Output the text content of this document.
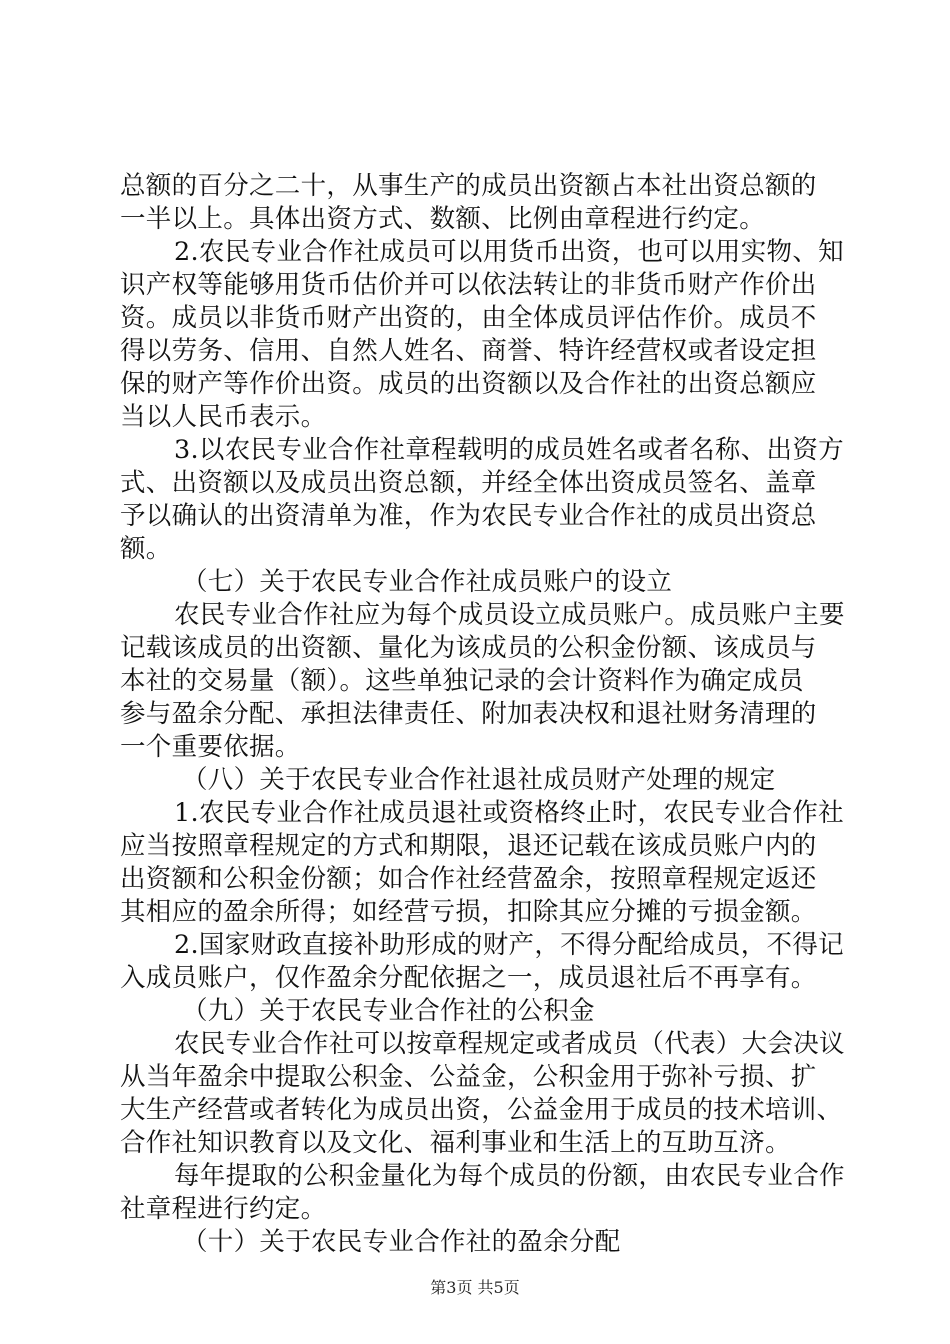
总额的百分之二十，从事生产的成员出资额占本社出资总额的
一半以上。具体出资方式、数额、比例由章程进行约定。
2.农民专业合作社成员可以用货币出资，也可以用实物、知
识产权等能够用货币估价并可以依法转让的非货币财产作价出
资。成员以非货币财产出资的，由全体成员评估作价。成员不
得以劳务、信用、自然人姓名、商誉、特许经营权或者设定担
保的财产等作价出资。成员的出资额以及合作社的出资总额应
当以人民币表示。
3.以农民专业合作社章程载明的成员姓名或者名称、出资方
式、出资额以及成员出资总额，并经全体出资成员签名、盖章
予以确认的出资清单为准，作为农民专业合作社的成员出资总
额。
（七）关于农民专业合作社成员账户的设立
农民专业合作社应为每个成员设立成员账户。成员账户主要
记载该成员的出资额、量化为该成员的公积金份额、该成员与
本社的交易量（额）。这些单独记录的会计资料作为确定成员
参与盈余分配、承担法律责任、附加表决权和退社财务清理的
一个重要依据。
（八）关于农民专业合作社退社成员财产处理的规定
1.农民专业合作社成员退社或资格终止时，农民专业合作社
应当按照章程规定的方式和期限，退还记载在该成员账户内的
出资额和公积金份额；如合作社经营盈余，按照章程规定返还
其相应的盈余所得；如经营亏损，扣除其应分摊的亏损金额。
2.国家财政直接补助形成的财产，不得分配给成员，不得记
入成员账户，仅作盈余分配依据之一，成员退社后不再享有。
（九）关于农民专业合作社的公积金
农民专业合作社可以按章程规定或者成员（代表）大会决议
从当年盈余中提取公积金、公益金，公积金用于弥补亏损、扩
大生产经营或者转化为成员出资，公益金用于成员的技术培训、
合作社知识教育以及文化、福利事业和生活上的互助互济。
每年提取的公积金量化为每个成员的份额，由农民专业合作
社章程进行约定。
（十）关于农民专业合作社的盈余分配
第3页 共5页
